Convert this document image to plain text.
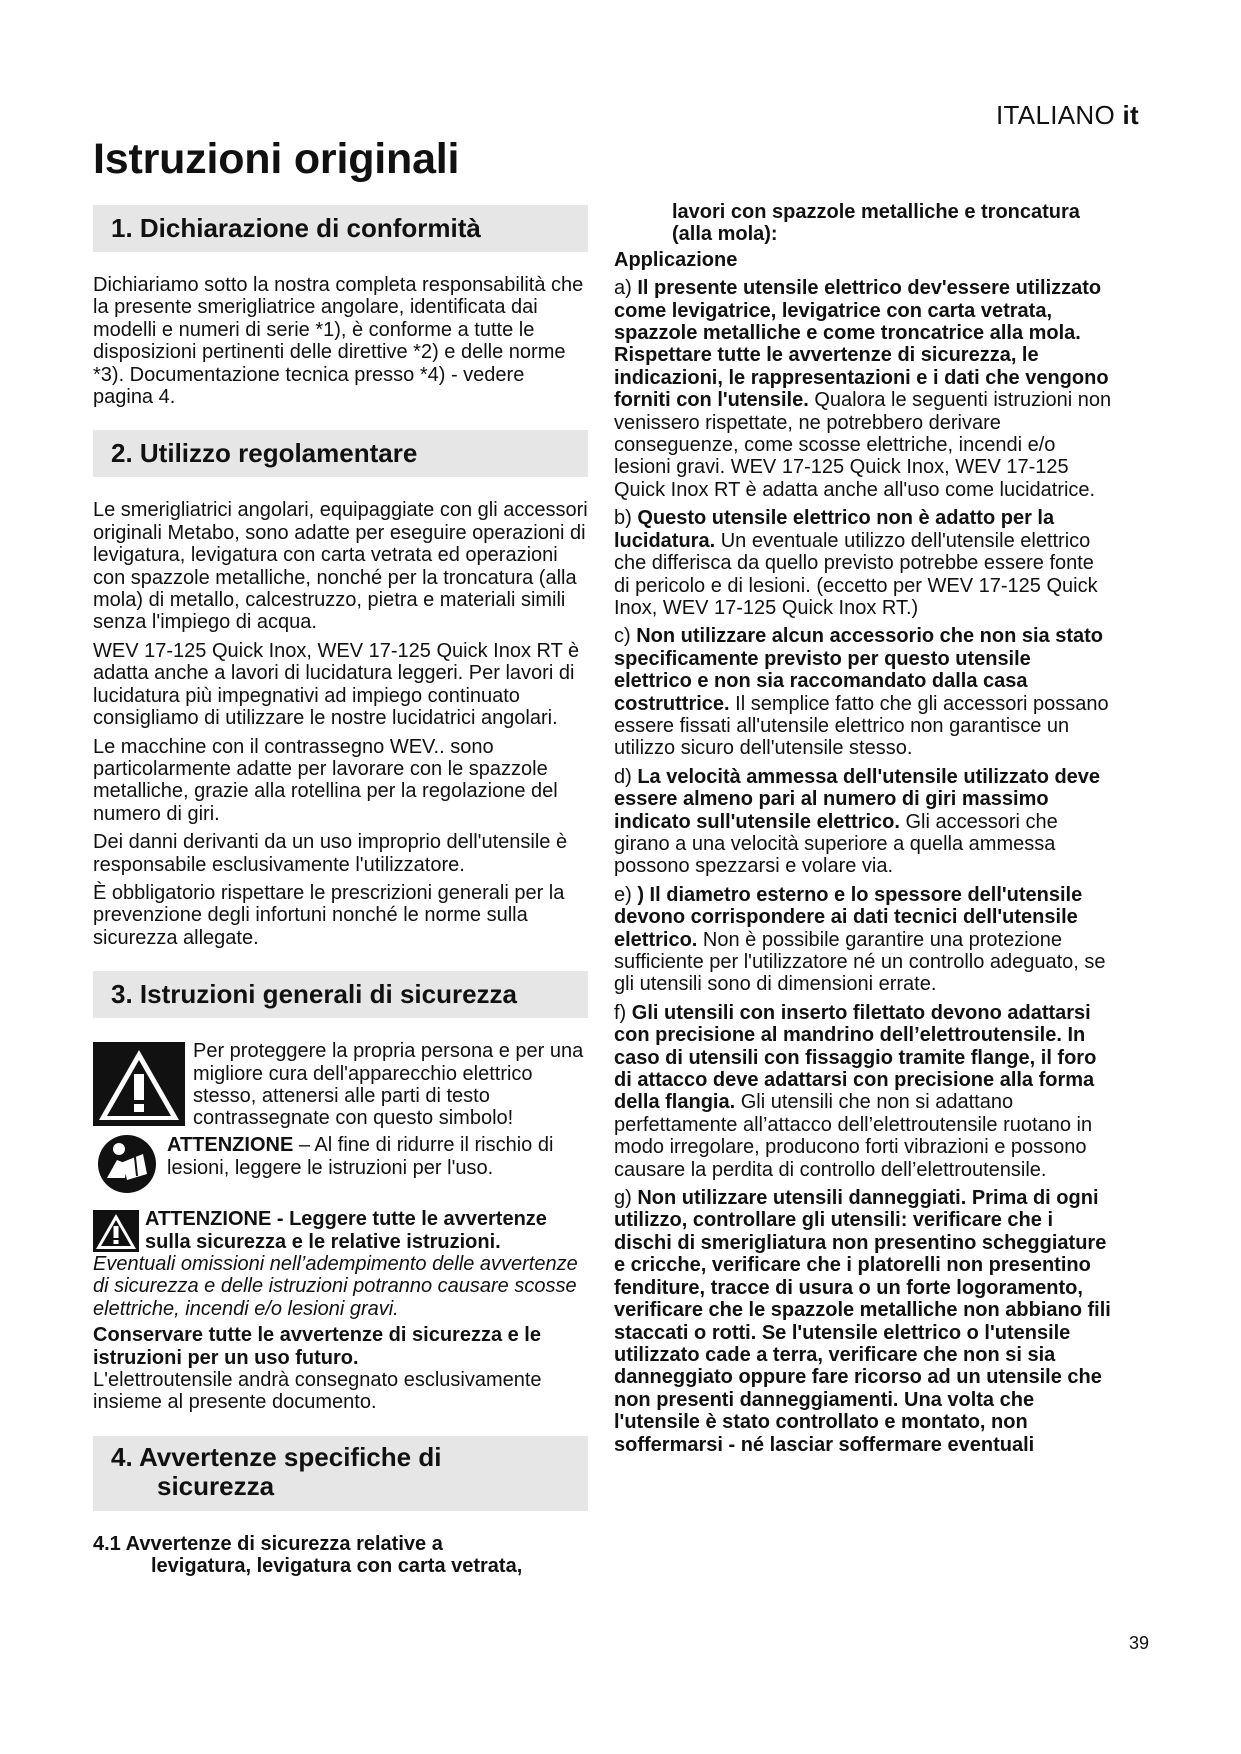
ITALIANO it
Istruzioni originali
1. Dichiarazione di conformità
Dichiariamo sotto la nostra completa responsabilità che la presente smerigliatrice angolare, identificata dai modelli e numeri di serie *1), è conforme a tutte le disposizioni pertinenti delle direttive *2) e delle norme *3). Documentazione tecnica presso *4) - vedere pagina 4.
2. Utilizzo regolamentare
Le smerigliatrici angolari, equipaggiate con gli accessori originali Metabo, sono adatte per eseguire operazioni di levigatura, levigatura con carta vetrata ed operazioni con spazzole metalliche, nonché per la troncatura (alla mola) di metallo, calcestruzzo, pietra e materiali simili senza l'impiego di acqua.
WEV 17-125 Quick Inox, WEV 17-125 Quick Inox RT è adatta anche a lavori di lucidatura leggeri. Per lavori di lucidatura più impegnativi ad impiego continuato consigliamo di utilizzare le nostre lucidatrici angolari.
Le macchine con il contrassegno WEV.. sono particolarmente adatte per lavorare con le spazzole metalliche, grazie alla rotellina per la regolazione del numero di giri.
Dei danni derivanti da un uso improprio dell'utensile è responsabile esclusivamente l'utilizzatore.
È obbligatorio rispettare le prescrizioni generali per la prevenzione degli infortuni nonché le norme sulla sicurezza allegate.
3. Istruzioni generali di sicurezza
Per proteggere la propria persona e per una migliore cura dell'apparecchio elettrico stesso, attenersi alle parti di testo contrassegnate con questo simbolo!
ATTENZIONE – Al fine di ridurre il rischio di lesioni, leggere le istruzioni per l'uso.
ATTENZIONE - Leggere tutte le avvertenze sulla sicurezza e le relative istruzioni.
Eventuali omissioni nell’adempimento delle avvertenze di sicurezza e delle istruzioni potranno causare scosse elettriche, incendi e/o lesioni gravi.
Conservare tutte le avvertenze di sicurezza e le istruzioni per un uso futuro.
L'elettroutensile andrà consegnato esclusivamente insieme al presente documento.
4. Avvertenze specifiche di
sicurezza
4.1 Avvertenze di sicurezza relative a
levigatura, levigatura con carta vetrata,
lavori con spazzole metalliche e troncatura (alla mola):
Applicazione
a) Il presente utensile elettrico dev'essere utilizzato come levigatrice, levigatrice con carta vetrata, spazzole metalliche e come troncatrice alla mola. Rispettare tutte le avvertenze di sicurezza, le indicazioni, le rappresentazioni e i dati che vengono forniti con l'utensile. Qualora le seguenti istruzioni non venissero rispettate, ne potrebbero derivare conseguenze, come scosse elettriche, incendi e/o lesioni gravi. WEV 17-125 Quick Inox, WEV 17-125 Quick Inox RT è adatta anche all'uso come lucidatrice.
b) Questo utensile elettrico non è adatto per la lucidatura. Un eventuale utilizzo dell'utensile elettrico che differisca da quello previsto potrebbe essere fonte di pericolo e di lesioni. (eccetto per WEV 17-125 Quick Inox, WEV 17-125 Quick Inox RT.)
c) Non utilizzare alcun accessorio che non sia stato specificamente previsto per questo utensile elettrico e non sia raccomandato dalla casa costruttrice. Il semplice fatto che gli accessori possano essere fissati all'utensile elettrico non garantisce un utilizzo sicuro dell'utensile stesso.
d) La velocità ammessa dell'utensile utilizzato deve essere almeno pari al numero di giri massimo indicato sull'utensile elettrico. Gli accessori che girano a una velocità superiore a quella ammessa possono spezzarsi e volare via.
e) ) Il diametro esterno e lo spessore dell'utensile devono corrispondere ai dati tecnici dell'utensile elettrico. Non è possibile garantire una protezione sufficiente per l'utilizzatore né un controllo adeguato, se gli utensili sono di dimensioni errate.
f) Gli utensili con inserto filettato devono adattarsi con precisione al mandrino dell’elettroutensile. In caso di utensili con fissaggio tramite flange, il foro di attacco deve adattarsi con precisione alla forma della flangia. Gli utensili che non si adattano perfettamente all’attacco dell’elettroutensile ruotano in modo irregolare, producono forti vibrazioni e possono causare la perdita di controllo dell’elettroutensile.
g) Non utilizzare utensili danneggiati. Prima di ogni utilizzo, controllare gli utensili: verificare che i dischi di smerigliatura non presentino scheggiature e cricche, verificare che i platorelli non presentino fenditure, tracce di usura o un forte logoramento, verificare che le spazzole metalliche non abbiano fili staccati o rotti. Se l'utensile elettrico o l'utensile utilizzato cade a terra, verificare che non si sia danneggiato oppure fare ricorso ad un utensile che non presenti danneggiamenti. Una volta che l'utensile è stato controllato e montato, non soffermarsi - né lasciar soffermare eventuali
39
